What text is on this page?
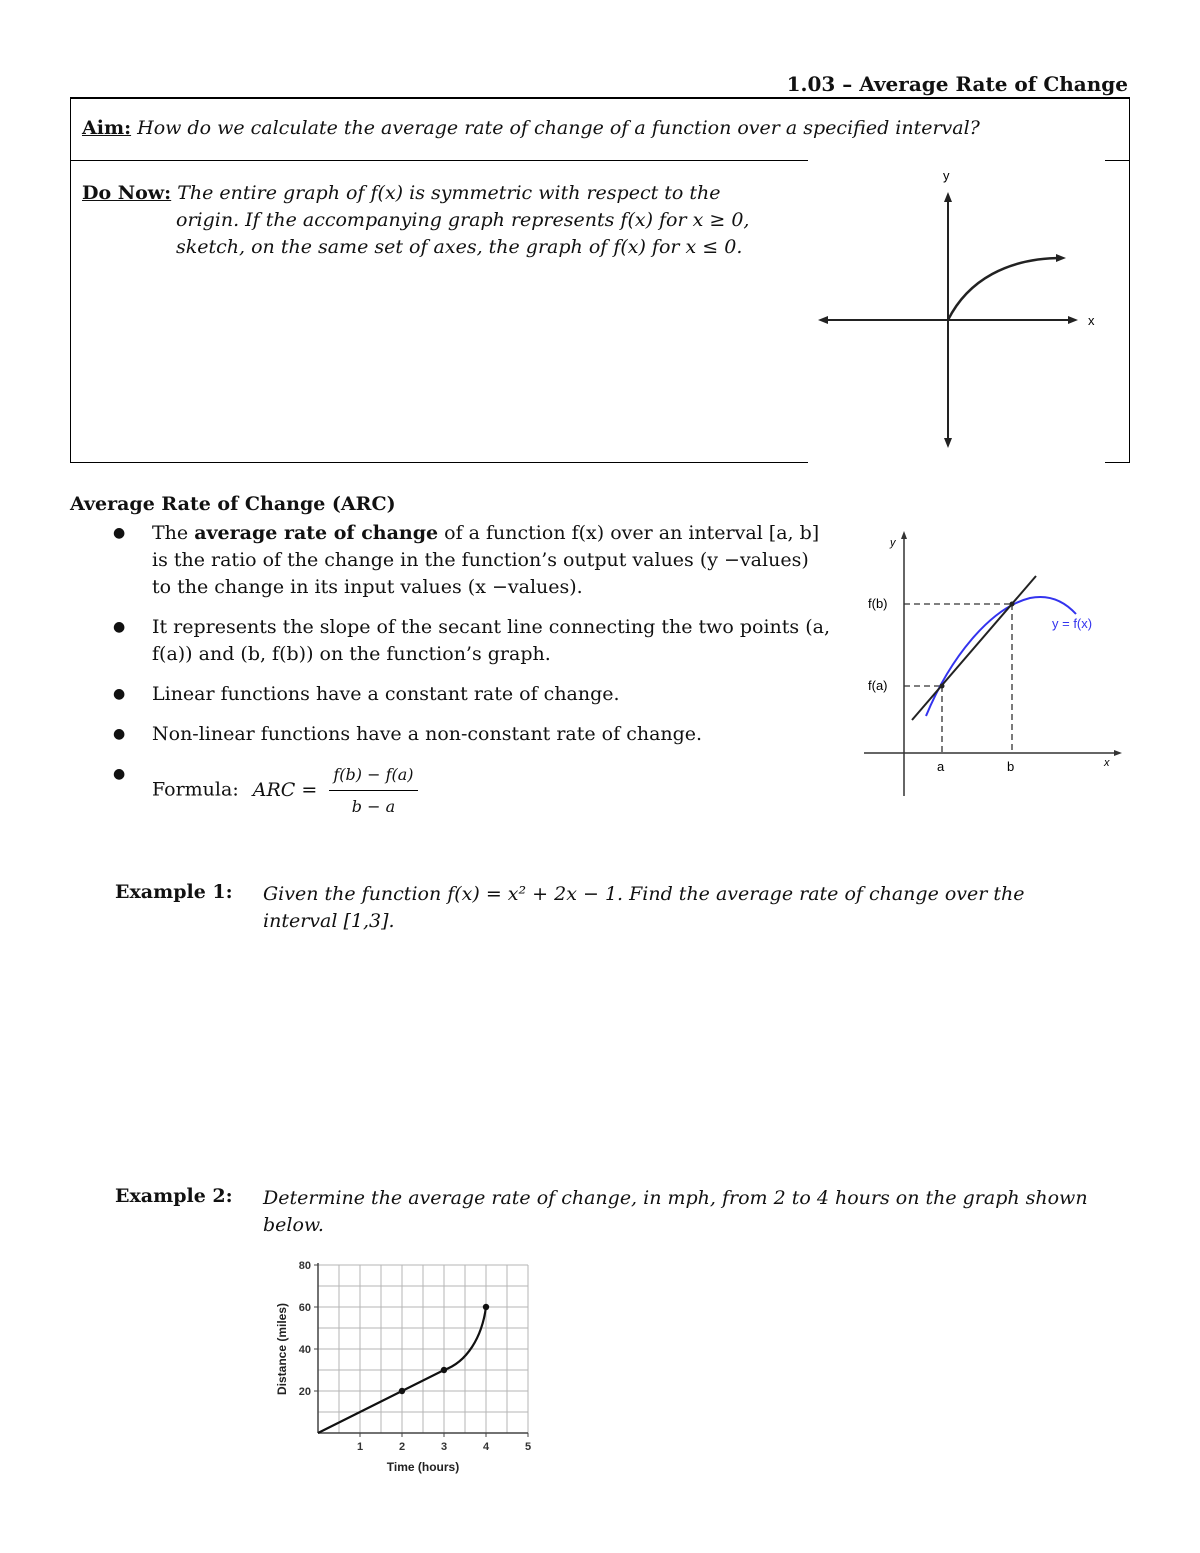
1.03 – Average Rate of Change
Aim: How do we calculate the average rate of change of a function over a specified interval?
Do Now: The entire graph of f(x) is symmetric with respect to the
origin. If the accompanying graph represents f(x) for x ≥ 0,
sketch, on the same set of axes, the graph of f(x) for x ≤ 0.
x
y
Average Rate of Change (ARC)
● The average rate of change of a function f(x) over an interval [a, b] is the ratio of the change in the function’s output values (y −values) to the change in its input values (x −values).
● It represents the slope of the secant line connecting the two points (a, f(a)) and (b, f(b)) on the function’s graph.
● Linear functions have a constant rate of change.
● Non-linear functions have a non-constant rate of change.
● Formula: ARC = $\frac{f(b) - f(a)}{b - a}$
y
x
f(b)
f(a)
a	b
y = f(x)
Example 1: Given the function f(x) = x² + 2x − 1. Find the average rate of change over the
interval [1,3].
Example 2: Determine the average rate of change, in mph, from 2 to 4 hours on the graph shown
below.
1	2	3	4	5
20
40
60
80
Time (hours)
Distance (miles)
